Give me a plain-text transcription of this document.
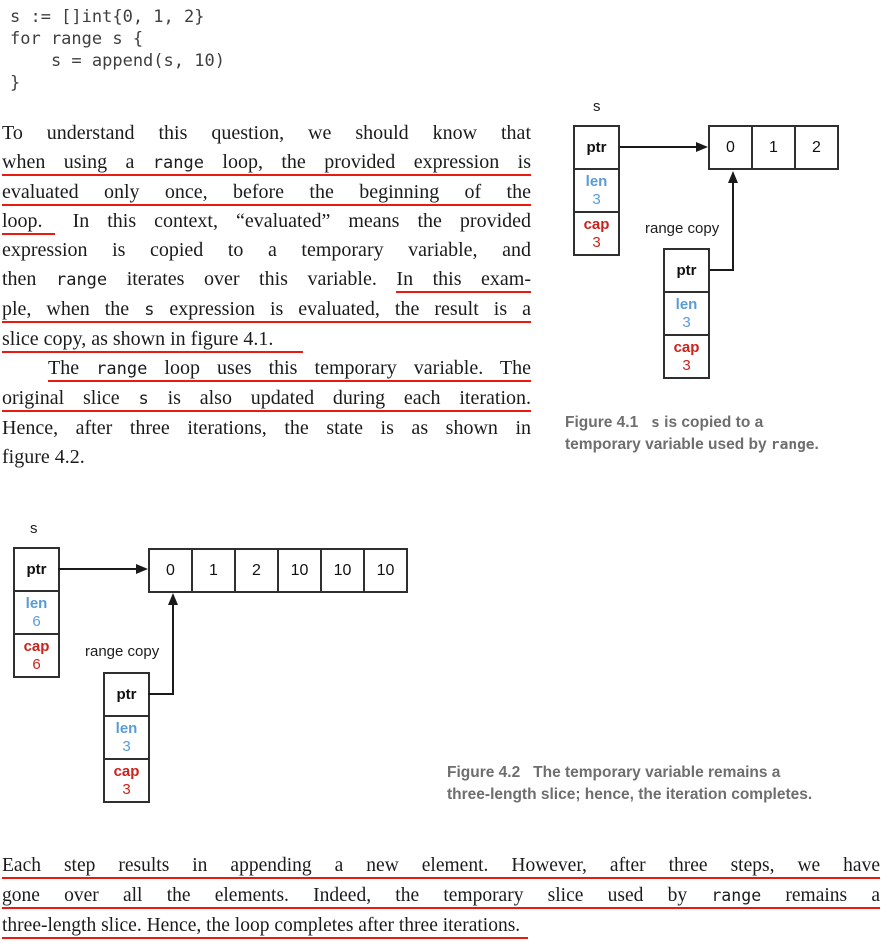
s := []int{0, 1, 2}
for range s {
s = append(s, 10)
}
To understand this question, we should know that
when using a range loop, the provided expression is
evaluated only once, before the beginning of the
loop. In this context, “evaluated” means the provided
expression is copied to a temporary variable, and
then range iterates over this variable. In this exam-
ple, when the s expression is evaluated, the result is a
slice copy, as shown in figure 4.1.
The range loop uses this temporary variable. The
original slice s is also updated during each iteration.
Hence, after three iterations, the state is as shown in
figure 4.2.
s
ptr
len
3
cap
3
0	1	2
range copy
ptr
len
3
cap
3
Figure 4.1   s is copied to a
temporary variable used by range.
s
ptr
len
6
cap
6
0	1	2	10	10	10
range copy
ptr
len
3
cap
3
Figure 4.2   The temporary variable remains a
three-length slice; hence, the iteration completes.
Each step results in appending a new element. However, after three steps, we have
gone over all the elements. Indeed, the temporary slice used by range remains a
three-length slice. Hence, the loop completes after three iterations.
